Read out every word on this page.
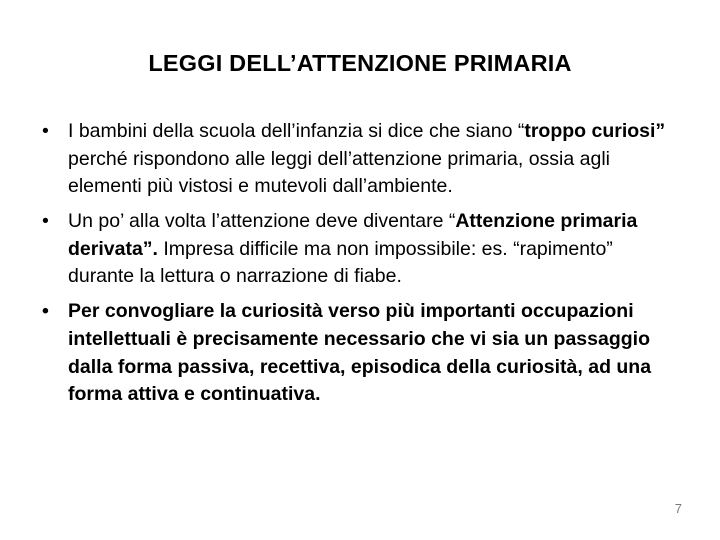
LEGGI DELL’ATTENZIONE PRIMARIA
• I bambini della scuola dell’infanzia si dice che siano “troppo curiosi” perché rispondono alle leggi dell’attenzione primaria, ossia agli elementi più vistosi e mutevoli dall’ambiente.
• Un po’ alla volta l’attenzione deve diventare “Attenzione primaria derivata”. Impresa difficile ma non impossibile: es. “rapimento” durante la lettura o narrazione di fiabe.
• Per convogliare la curiosità verso più importanti occupazioni intellettuali è precisamente necessario che vi sia un passaggio dalla forma passiva, recettiva, episodica della curiosità, ad una forma attiva e continuativa.
7
